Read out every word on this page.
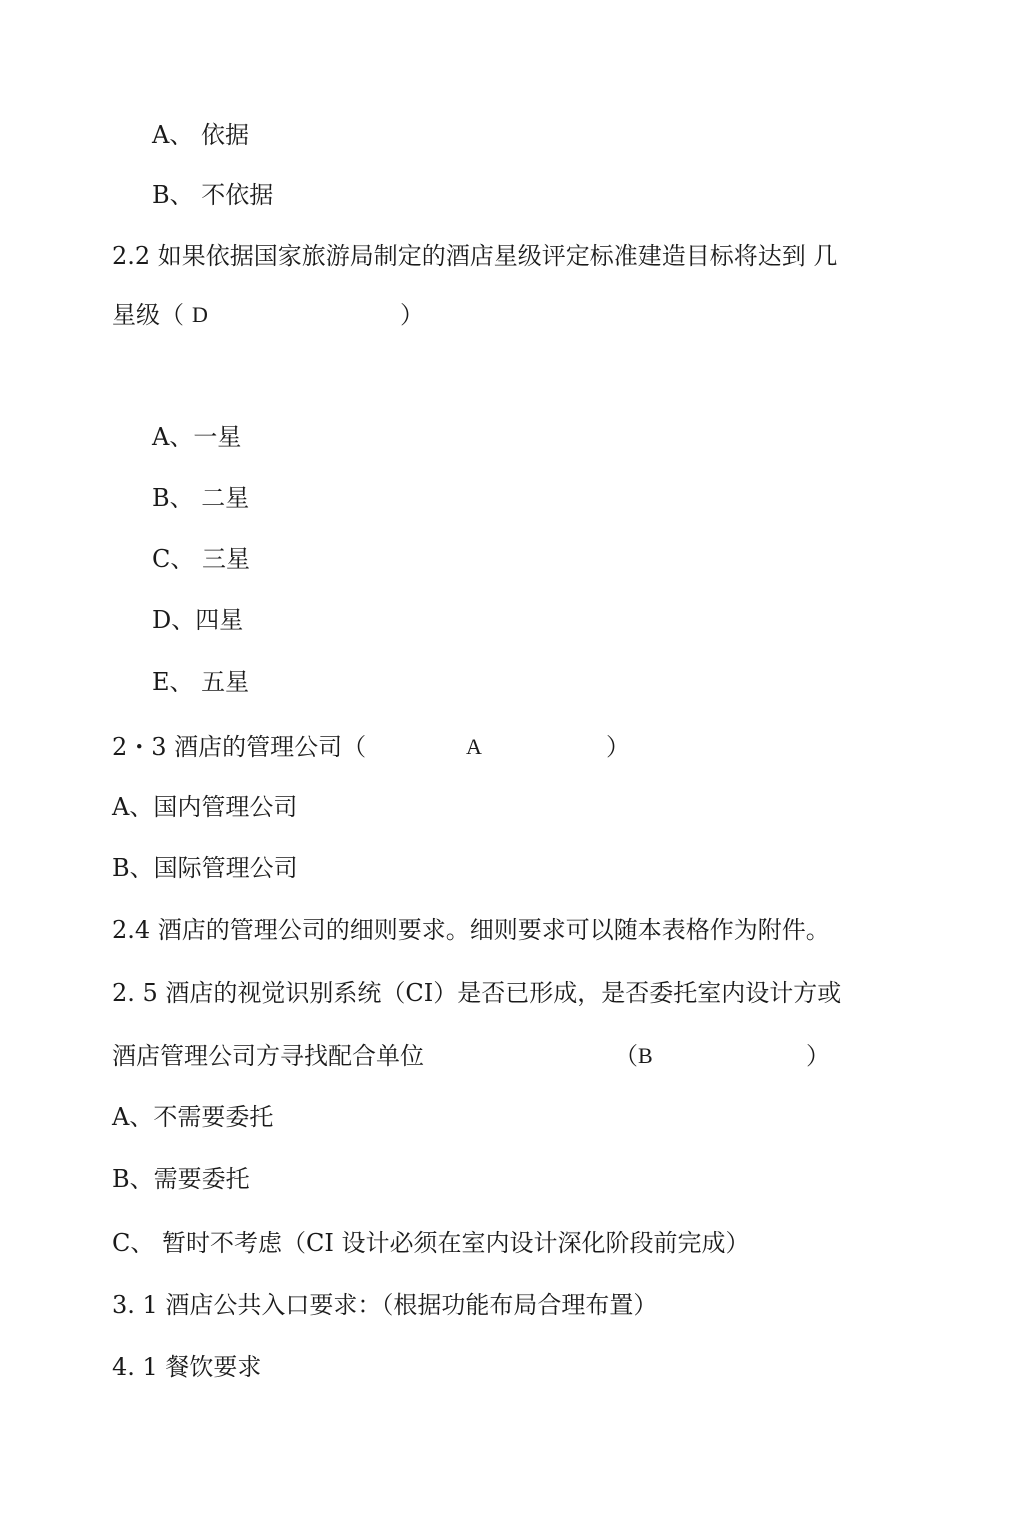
A、 依据

B、 不依据

2.2 如果依据国家旅游局制定的酒店星级评定标准建造目标将达到 几

星级（ D	）

A、一星

B、 二星

C、 三星

D、四星

E、 五星

2・3 酒店的管理公司（	A	）

A、国内管理公司

B、国际管理公司

2.4 酒店的管理公司的细则要求。细则要求可以随本表格作为附件。

2. 5 酒店的视觉识别系统（CI）是否已形成，是否委托室内设计方或

酒店管理公司方寻找配合单位	（ B	）

A、不需要委托

B、需要委托

C、 暂时不考虑（CI 设计必须在室内设计深化阶段前完成）

3. 1 酒店公共入口要求：（根据功能布局合理布置）

4. 1 餐饮要求
